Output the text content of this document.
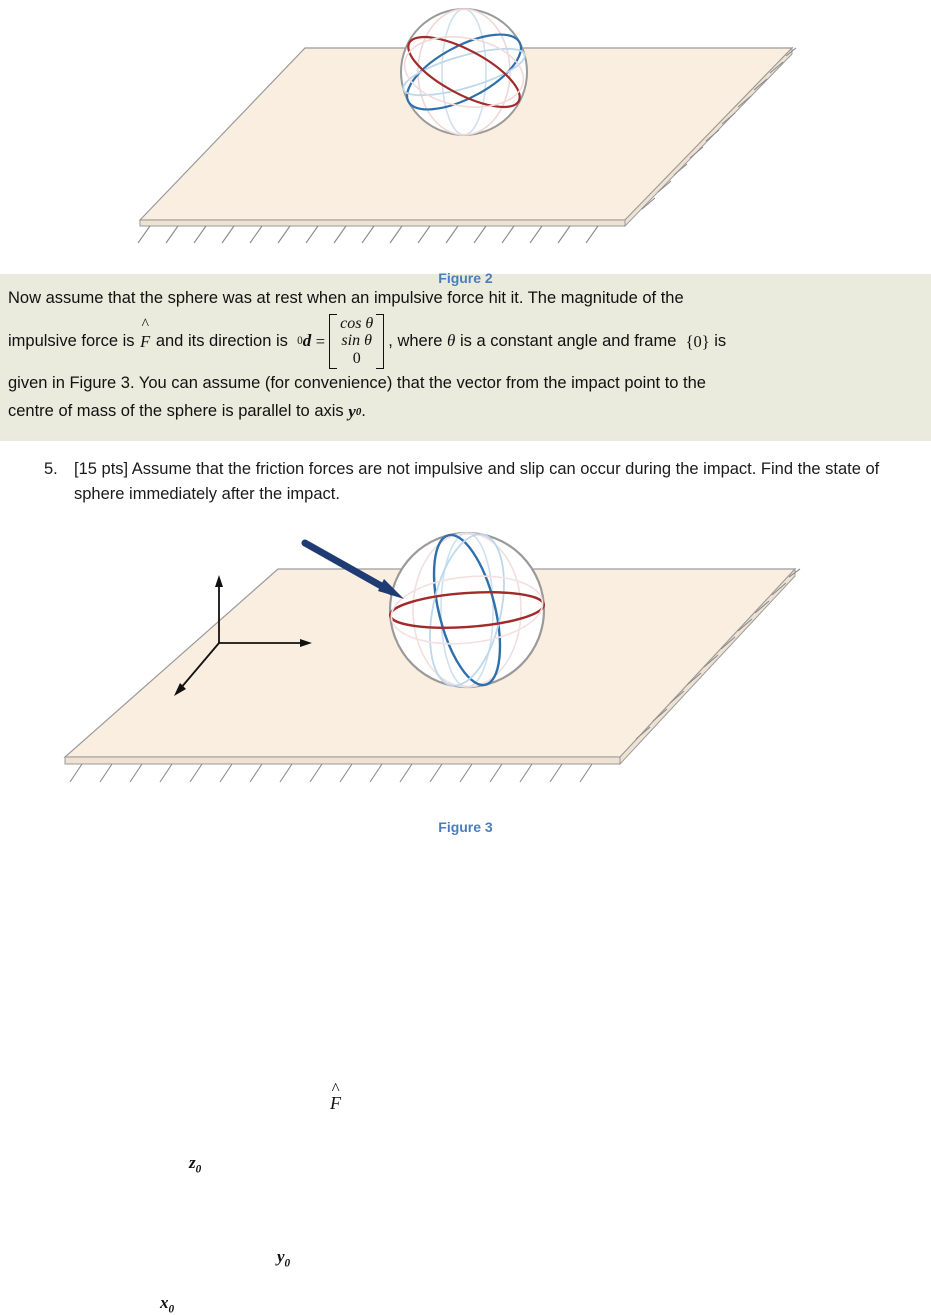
Figure 2
Now assume that the sphere was at rest when an impulsive force hit it. The magnitude of the
impulsive force is
^ F
and its direction is
0 d
=
cos θ
sin θ
0
, where
θ
is a constant angle and frame
{0}
is
given in Figure 3. You can assume (for convenience) that the vector from the impact point to the
centre of mass of the sphere is parallel to axis
y 0 .
5. [15 pts] Assume that the friction forces are not impulsive and slip can occur during the impact. Find the state of sphere immediately after the impact.
$z_0$
$y_0$
$x_0$
^ F
Figure 3
